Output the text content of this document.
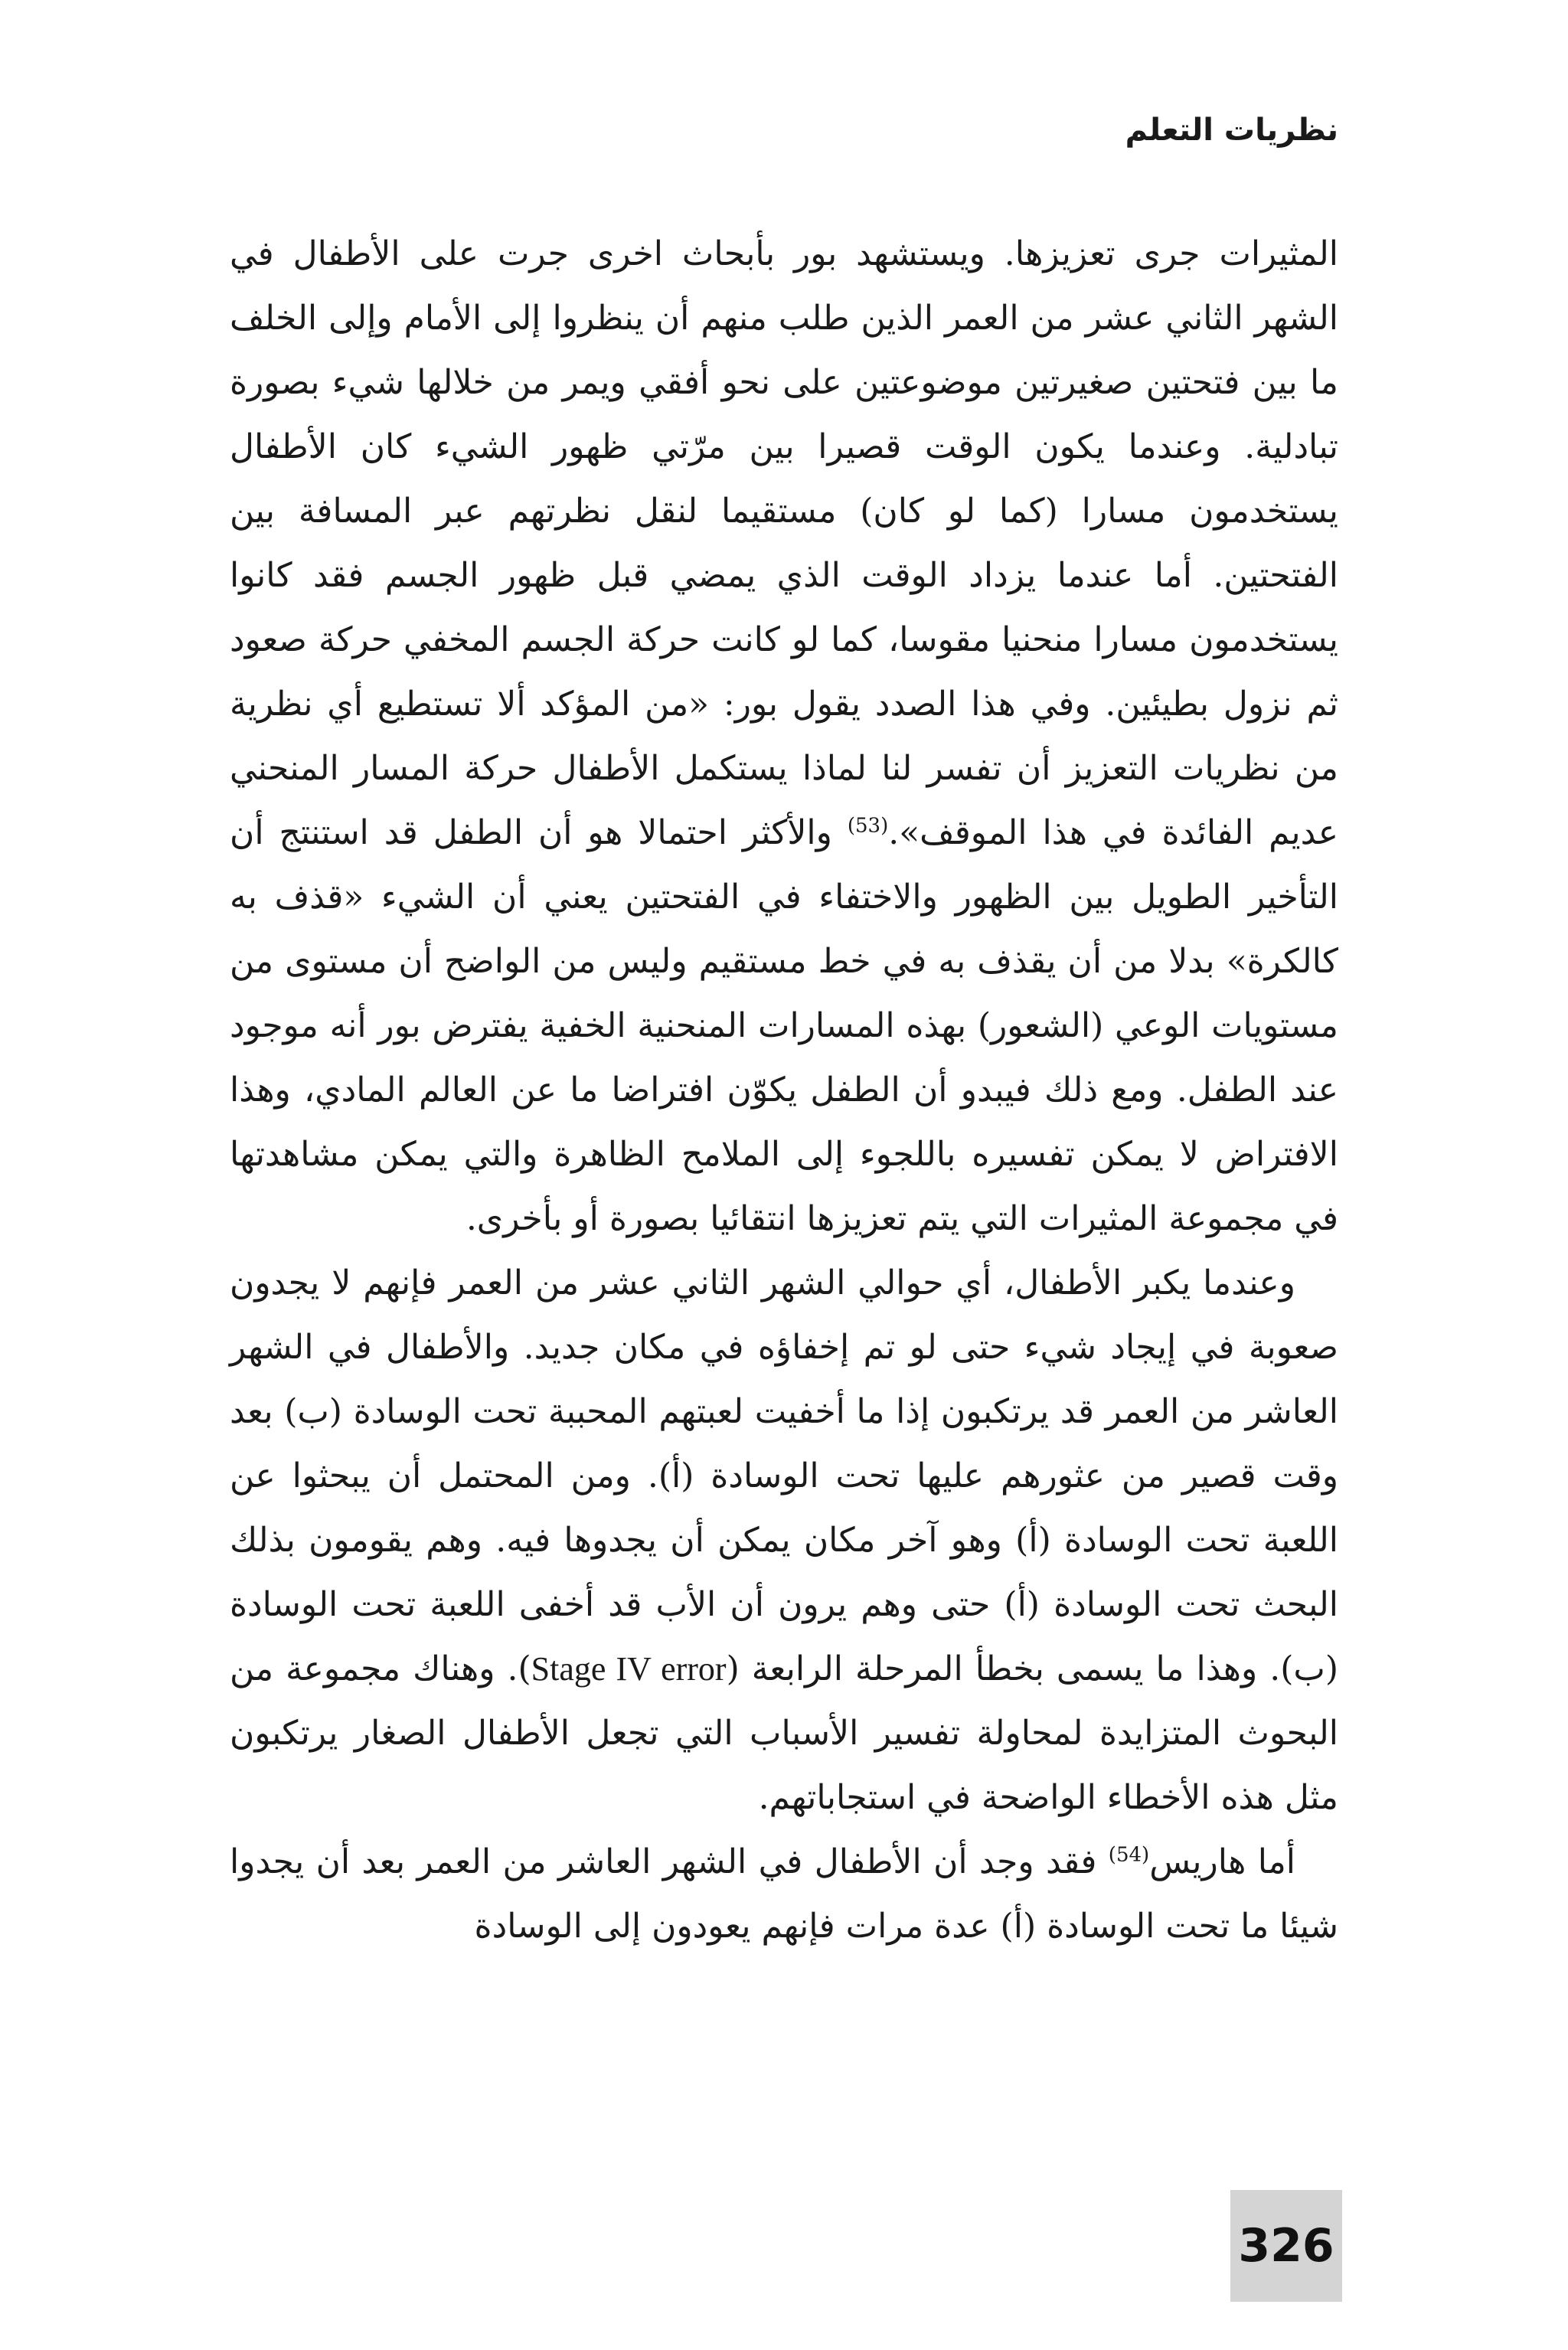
نظريات التعلم

المثيرات جرى تعزيزها. ويستشهد بور بأبحاث اخرى جرت على الأطفال في الشهر الثاني عشر من العمر الذين طلب منهم أن ينظروا إلى الأمام وإلى الخلف ما بين فتحتين صغيرتين موضوعتين على نحو أفقي ويمر من خلالها شيء بصورة تبادلية. وعندما يكون الوقت قصيرا بين مرّتي ظهور الشيء كان الأطفال يستخدمون مسارا (كما لو كان) مستقيما لنقل نظرتهم عبر المسافة بين الفتحتين. أما عندما يزداد الوقت الذي يمضي قبل ظهور الجسم فقد كانوا يستخدمون مسارا منحنيا مقوسا، كما لو كانت حركة الجسم المخفي حركة صعود ثم نزول بطيئين. وفي هذا الصدد يقول بور: «من المؤكد ألا تستطيع أي نظرية من نظريات التعزيز أن تفسر لنا لماذا يستكمل الأطفال حركة المسار المنحني عديم الفائدة في هذا الموقف».$^{(53)}$ والأكثر احتمالا هو أن الطفل قد استنتج أن التأخير الطويل بين الظهور والاختفاء في الفتحتين يعني أن الشيء «قذف به كالكرة» بدلا من أن يقذف به في خط مستقيم وليس من الواضح أن مستوى من مستويات الوعي (الشعور) بهذه المسارات المنحنية الخفية يفترض بور أنه موجود عند الطفل. ومع ذلك فيبدو أن الطفل يكوّن افتراضا ما عن العالم المادي، وهذا الافتراض لا يمكن تفسيره باللجوء إلى الملامح الظاهرة والتي يمكن مشاهدتها في مجموعة المثيرات التي يتم تعزيزها انتقائيا بصورة أو بأخرى.

وعندما يكبر الأطفال، أي حوالي الشهر الثاني عشر من العمر فإنهم لا يجدون صعوبة في إيجاد شيء حتى لو تم إخفاؤه في مكان جديد. والأطفال في الشهر العاشر من العمر قد يرتكبون إذا ما أخفيت لعبتهم المحببة تحت الوسادة (ب) بعد وقت قصير من عثورهم عليها تحت الوسادة (أ). ومن المحتمل أن يبحثوا عن اللعبة تحت الوسادة (أ) وهو آخر مكان يمكن أن يجدوها فيه. وهم يقومون بذلك البحث تحت الوسادة (أ) حتى وهم يرون أن الأب قد أخفى اللعبة تحت الوسادة (ب). وهذا ما يسمى بخطأ المرحلة الرابعة (Stage IV error). وهناك مجموعة من البحوث المتزايدة لمحاولة تفسير الأسباب التي تجعل الأطفال الصغار يرتكبون مثل هذه الأخطاء الواضحة في استجاباتهم.

أما هاريس$^{(54)}$ فقد وجد أن الأطفال في الشهر العاشر من العمر بعد أن يجدوا شيئا ما تحت الوسادة (أ) عدة مرات فإنهم يعودون إلى الوسادة

326
